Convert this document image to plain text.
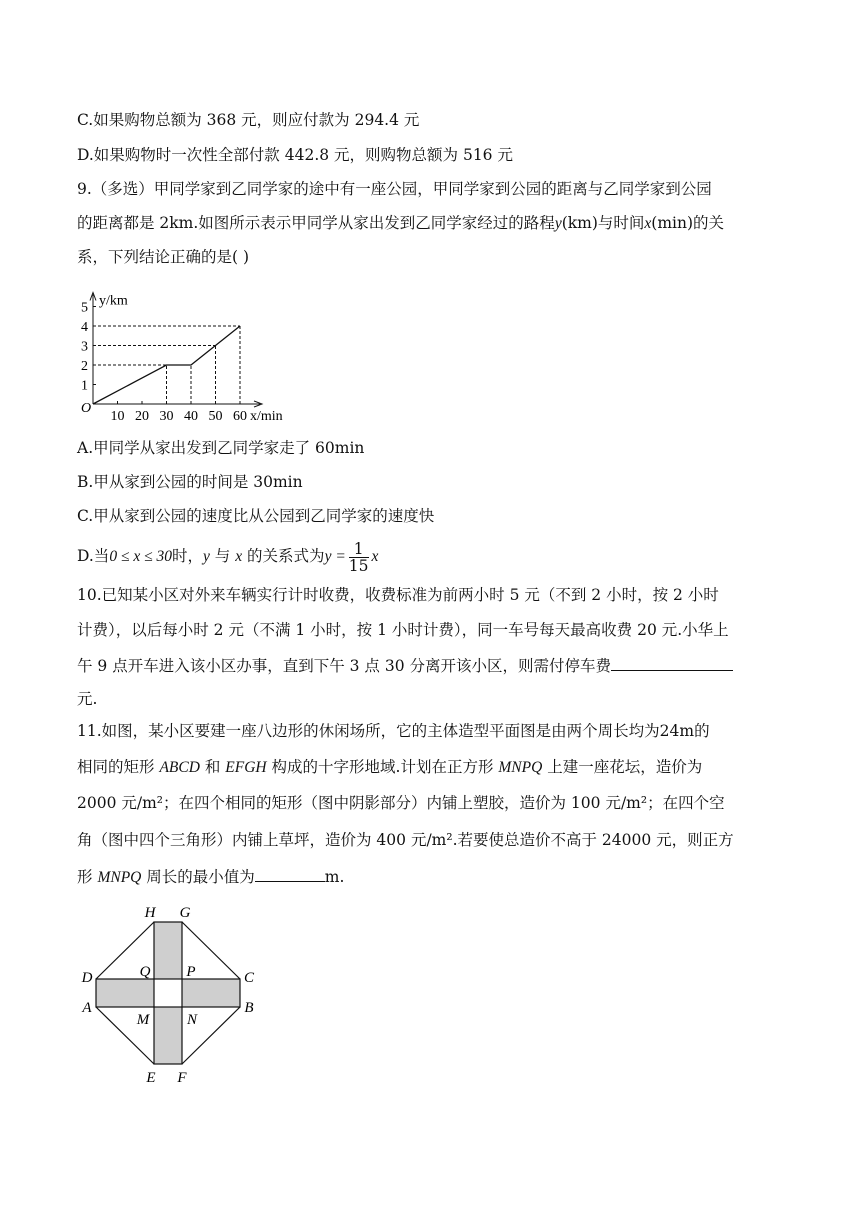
C.如果购物总额为 368 元，则应付款为 294.4 元
D.如果购物时一次性全部付款 442.8 元，则购物总额为 516 元
9.（多选）甲同学家到乙同学家的途中有一座公园，甲同学家到公园的距离与乙同学家到公园
的距离都是 2km.如图所示表示甲同学从家出发到乙同学家经过的路程y(km)与时间x(min)的关
系，下列结论正确的是( )
1
2
3
4
5
10 20 30 40 50 60
y/km
x/min
O
A.甲同学从家出发到乙同学家走了 60min
B.甲从家到公园的时间是 30min
C.甲从家到公园的速度比从公园到乙同学家的速度快
D.当0 ≤ x ≤ 30时，y 与 x 的关系式为$y = \frac{1}{15}$ x
10.已知某小区对外来车辆实行计时收费，收费标准为前两小时 5 元（不到 2 小时，按 2 小时
计费），以后每小时 2 元（不满 1 小时，按 1 小时计费），同一车号每天最高收费 20 元.小华上
午 9 点开车进入该小区办事，直到下午 3 点 30 分离开该小区，则需付停车费
元.
11.如图，某小区要建一座八边形的休闲场所，它的主体造型平面图是由两个周长均为24m的
相同的矩形 ABCD 和 EFGH 构成的十字形地域.计划在正方形 MNPQ 上建一座花坛，造价为
2000 元/m²；在四个相同的矩形（图中阴影部分）内铺上塑胶，造价为 100 元/m²；在四个空
角（图中四个三角形）内铺上草坪，造价为 400 元/m².若要使总造价不高于 24000 元，则正方
形 MNPQ 周长的最小值为	m.
H G
D	C
A	B
Q P
M	N
E F
